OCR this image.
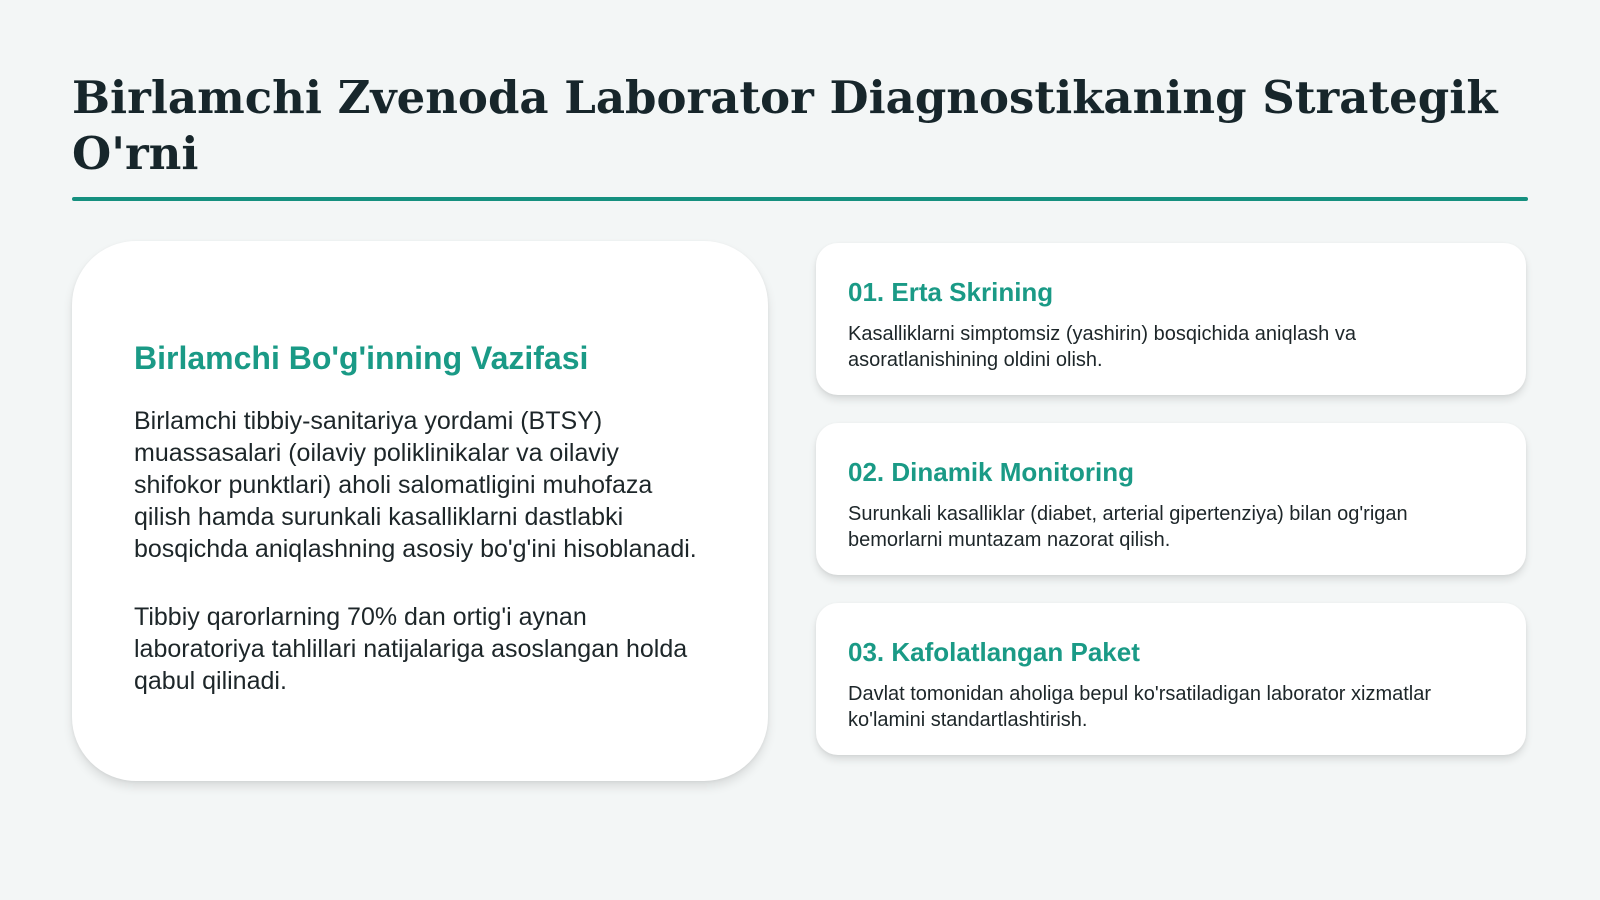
Birlamchi Zvenoda Laborator Diagnostikaning Strategik O'rni
Birlamchi Bo'g'inning Vazifasi

Birlamchi tibbiy-sanitariya yordami (BTSY) muassasalari (oilaviy poliklinikalar va oilaviy shifokor punktlari) aholi salomatligini muhofaza qilish hamda surunkali kasalliklarni dastlabki bosqichda aniqlashning asosiy bo'g'ini hisoblanadi.

Tibbiy qarorlarning 70% dan ortig'i aynan laboratoriya tahlillari natijalariga asoslangan holda qabul qilinadi.

01. Erta Skrining

Kasalliklarni simptomsiz (yashirin) bosqichida aniqlash va asoratlanishining oldini olish.

02. Dinamik Monitoring

Surunkali kasalliklar (diabet, arterial gipertenziya) bilan og'rigan bemorlarni muntazam nazorat qilish.

03. Kafolatlangan Paket

Davlat tomonidan aholiga bepul ko'rsatiladigan laborator xizmatlar ko'lamini standartlashtirish.
